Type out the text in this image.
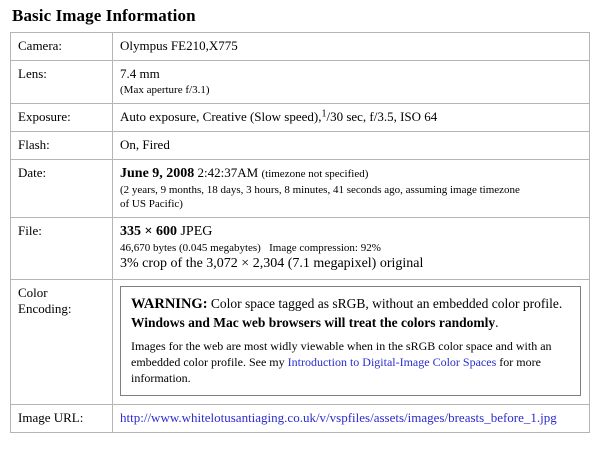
Basic Image Information
Camera:	Olympus FE210,X775
Lens:	7.4 mm
(Max aperture f/3.1)

Exposure:	Auto exposure, Creative (Slow speed),$^1$/30 sec, f/3.5, ISO 64
Flash:	On, Fired
Date:	June 9, 2008 2:42:37AM (timezone not specified)
(2 years, 9 months, 18 days, 3 hours, 8 minutes, 41 seconds ago, assuming image timezone
of US Pacific)

File:	335 × 600 JPEG
46,670 bytes (0.045 megabytes) Image compression: 92%
3% crop of the 3,072 × 2,304 (7.1 megapixel) original

Color
Encoding:	WARNING: Color space tagged as sRGB, without an embedded color profile. Windows and Mac web browsers will treat the colors randomly.
Images for the web are most widly viewable when in the sRGB color space and with an embedded color profile. See my Introduction to Digital-Image Color Spaces for more information.

Image URL:	http://www.whitelotusantiaging.co.uk/v/vspfiles/assets/images/breasts_before_1.jpg
